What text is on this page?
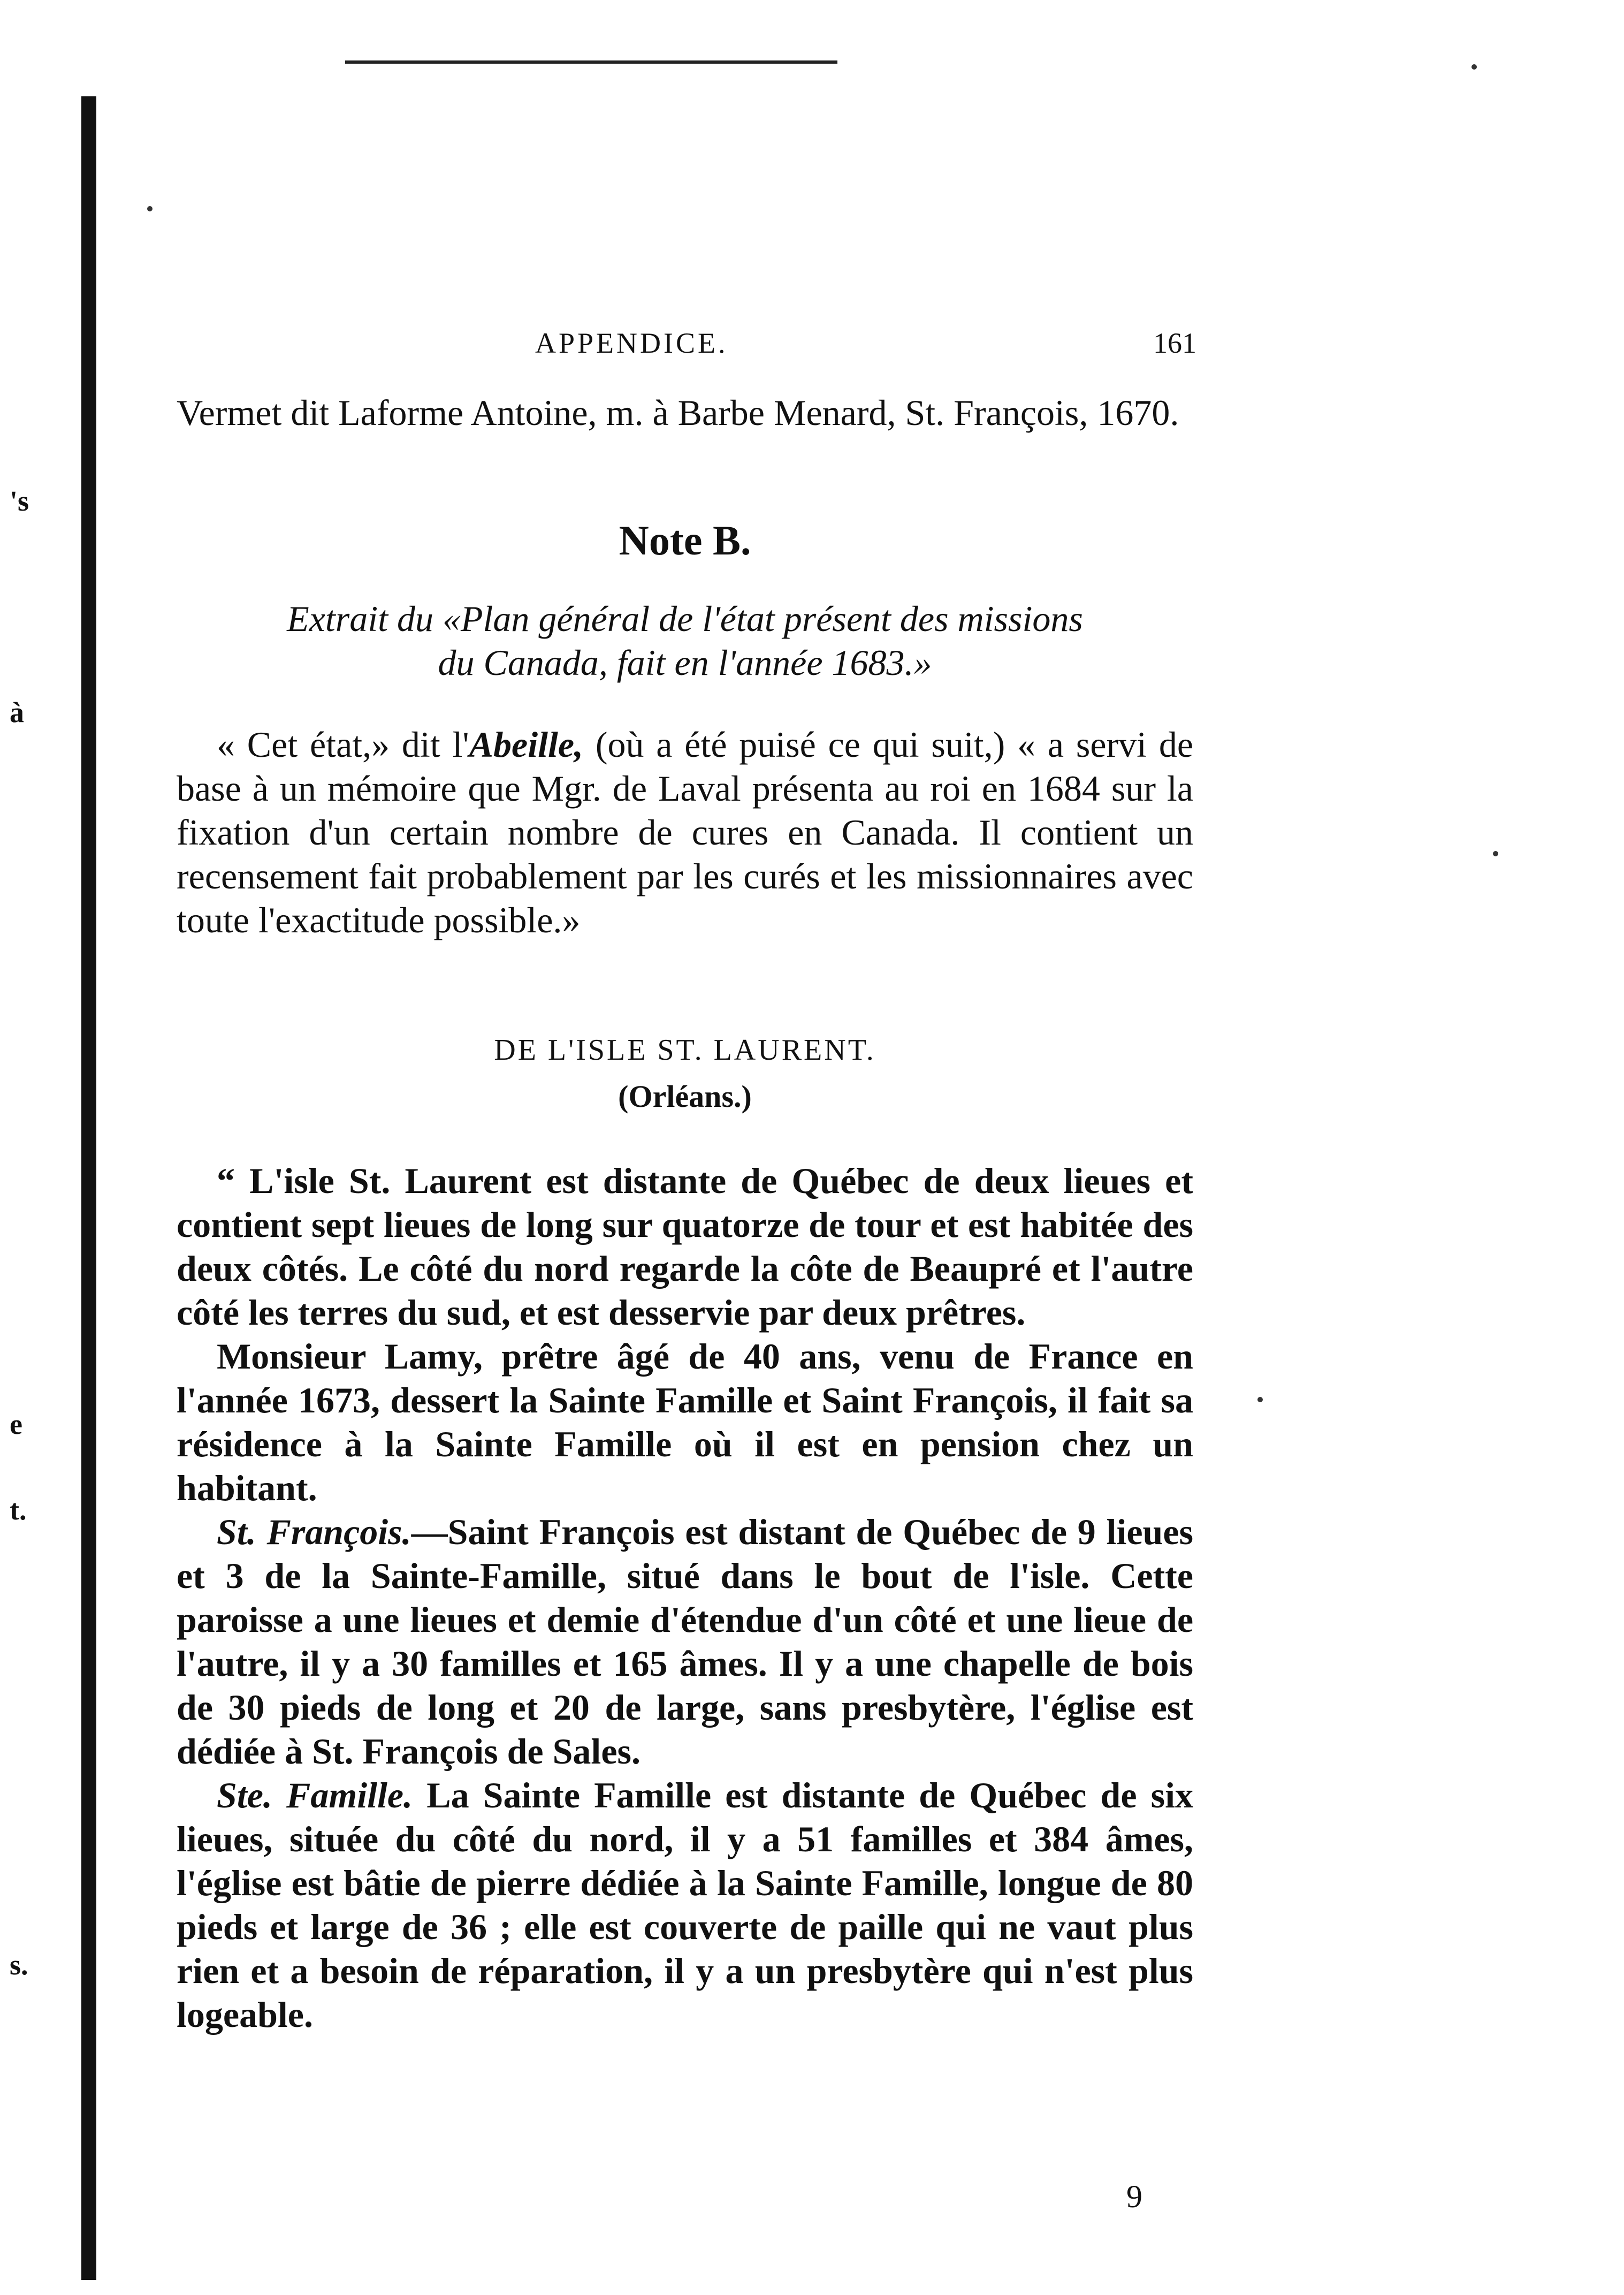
APPENDICE.	161
Vermet dit Laforme Antoine, m. à Barbe Menard, St. François, 1670.
Note B.
Extrait du «Plan général de l'état présent des missions
du Canada, fait en l'année 1683.»
« Cet état,» dit l'Abeille, (où a été puisé ce qui suit,) « a servi de base à un mémoire que Mgr. de Laval présenta au roi en 1684 sur la fixation d'un certain nombre de cures en Canada. Il contient un recensement fait probablement par les curés et les missionnaires avec toute l'exactitude possible.»
DE L'ISLE ST. LAURENT.
(Orléans.)

“ L'isle St. Laurent est distante de Québec de deux lieues et contient sept lieues de long sur quatorze de tour et est habitée des deux côtés. Le côté du nord regarde la côte de Beaupré et l'autre côté les terres du sud, et est desservie par deux prêtres.

Monsieur Lamy, prêtre âgé de 40 ans, venu de France en l'année 1673, dessert la Sainte Famille et Saint François, il fait sa résidence à la Sainte Famille où il est en pension chez un habitant.

St. François.—Saint François est distant de Québec de 9 lieues et 3 de la Sainte-Famille, situé dans le bout de l'isle. Cette paroisse a une lieues et demie d'étendue d'un côté et une lieue de l'autre, il y a 30 familles et 165 âmes. Il y a une chapelle de bois de 30 pieds de long et 20 de large, sans presbytère, l'église est dédiée à St. François de Sales.

Ste. Famille. La Sainte Famille est distante de Québec de six lieues, située du côté du nord, il y a 51 familles et 384 âmes, l'église est bâtie de pierre dédiée à la Sainte Famille, longue de 80 pieds et large de 36 ; elle est couverte de paille qui ne vaut plus rien et a besoin de réparation, il y a un presbytère qui n'est plus logeable.

's
à
e
t.
s.
9
